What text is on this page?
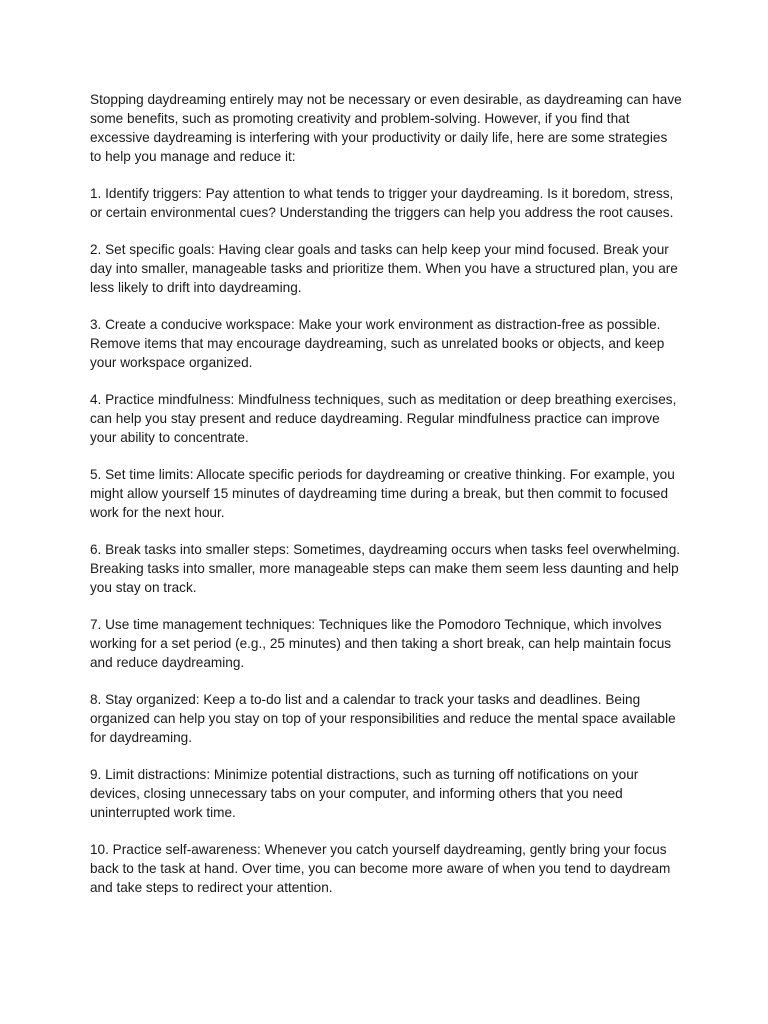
Stopping daydreaming entirely may not be necessary or even desirable, as daydreaming can have some benefits, such as promoting creativity and problem-solving. However, if you find that excessive daydreaming is interfering with your productivity or daily life, here are some strategies to help you manage and reduce it:

1. Identify triggers: Pay attention to what tends to trigger your daydreaming. Is it boredom, stress, or certain environmental cues? Understanding the triggers can help you address the root causes.

2. Set specific goals: Having clear goals and tasks can help keep your mind focused. Break your day into smaller, manageable tasks and prioritize them. When you have a structured plan, you are less likely to drift into daydreaming.

3. Create a conducive workspace: Make your work environment as distraction-free as possible. Remove items that may encourage daydreaming, such as unrelated books or objects, and keep your workspace organized.

4. Practice mindfulness: Mindfulness techniques, such as meditation or deep breathing exercises, can help you stay present and reduce daydreaming. Regular mindfulness practice can improve your ability to concentrate.

5. Set time limits: Allocate specific periods for daydreaming or creative thinking. For example, you might allow yourself 15 minutes of daydreaming time during a break, but then commit to focused work for the next hour.

6. Break tasks into smaller steps: Sometimes, daydreaming occurs when tasks feel overwhelming. Breaking tasks into smaller, more manageable steps can make them seem less daunting and help you stay on track.

7. Use time management techniques: Techniques like the Pomodoro Technique, which involves working for a set period (e.g., 25 minutes) and then taking a short break, can help maintain focus and reduce daydreaming.

8. Stay organized: Keep a to-do list and a calendar to track your tasks and deadlines. Being organized can help you stay on top of your responsibilities and reduce the mental space available for daydreaming.

9. Limit distractions: Minimize potential distractions, such as turning off notifications on your devices, closing unnecessary tabs on your computer, and informing others that you need uninterrupted work time.

10. Practice self-awareness: Whenever you catch yourself daydreaming, gently bring your focus back to the task at hand. Over time, you can become more aware of when you tend to daydream and take steps to redirect your attention.
